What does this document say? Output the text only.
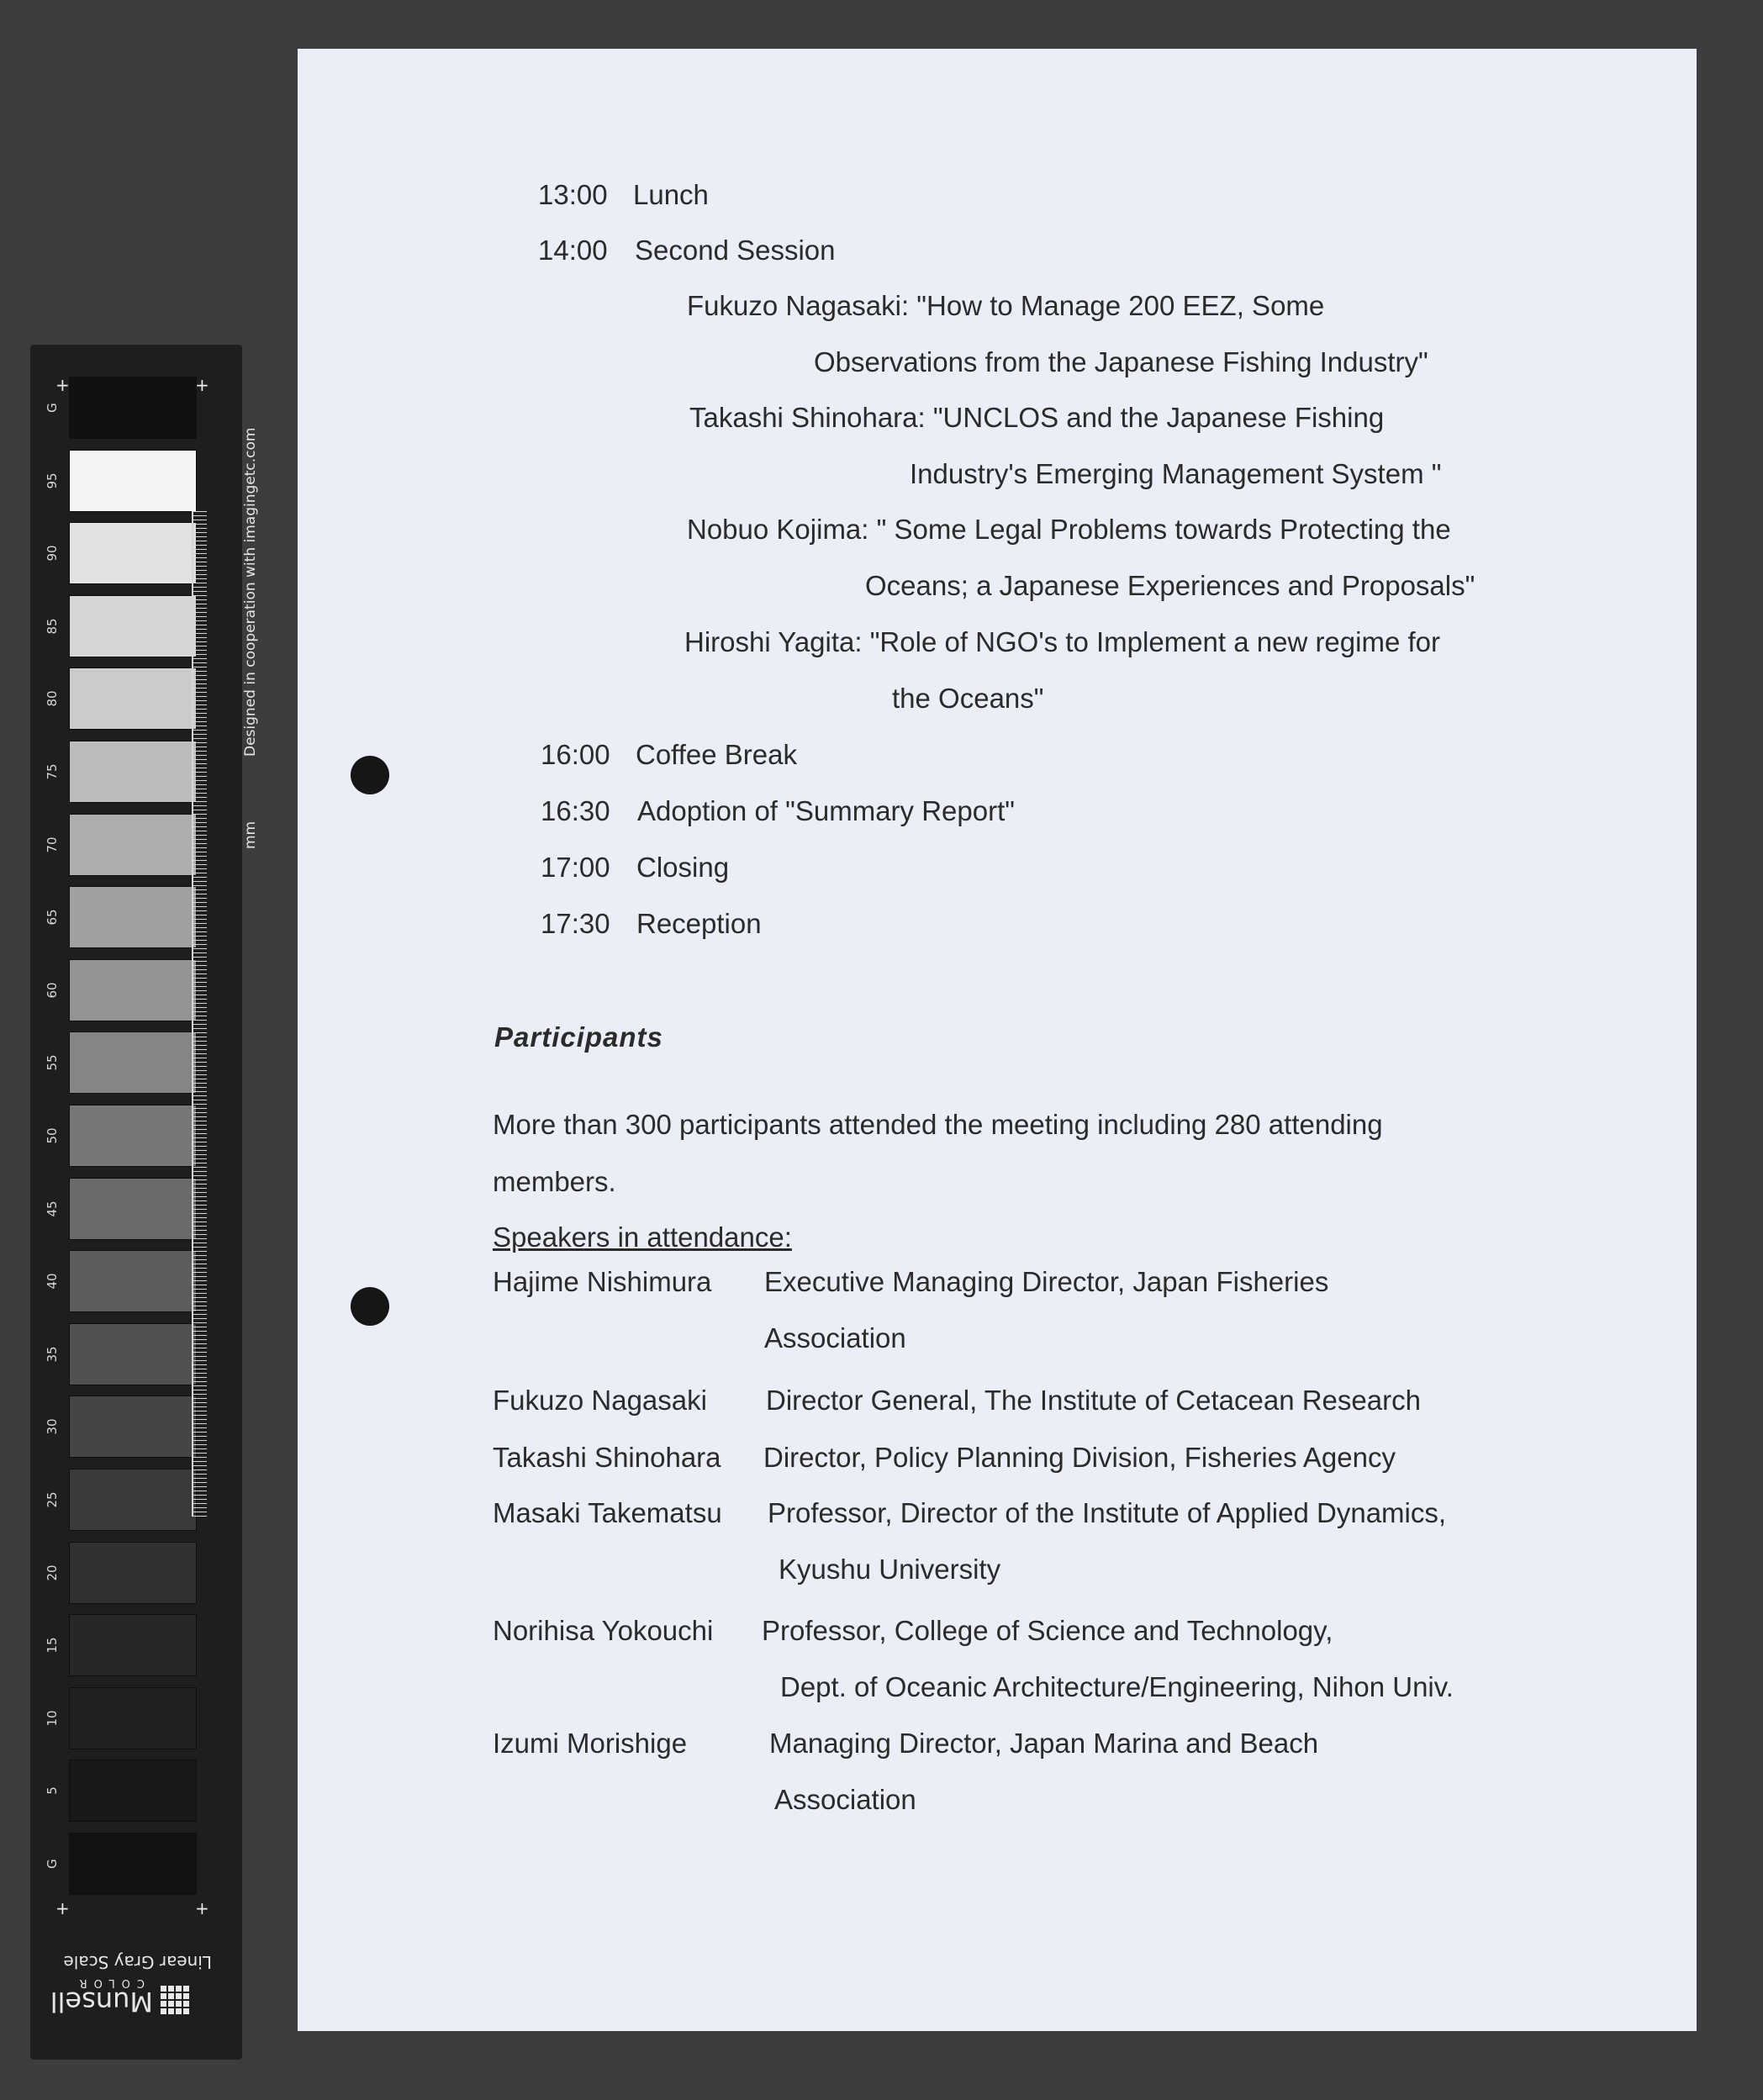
G
95
90
85
80
75
70
65
60
55
50
45
40
35
30
25
20
15
10
5
G
+	+
+	+
Designed in cooperation with imagingetc.com
mm
Linear Gray Scale
Munsell
COLOR
13:00 Lunch
14:00 Second Session
Fukuzo Nagasaki: "How to Manage 200 EEZ, Some
Observations from the Japanese Fishing Industry"
Takashi Shinohara: "UNCLOS and the Japanese Fishing
Industry's Emerging Management System "
Nobuo Kojima: " Some Legal Problems towards Protecting the
Oceans; a Japanese Experiences and Proposals"
Hiroshi Yagita: "Role of NGO's to Implement a new regime for
the Oceans"
16:00 Coffee Break
16:30 Adoption of "Summary Report"
17:00 Closing
17:30 Reception
Participants
More than 300 participants attended the meeting including 280 attending
members.
Speakers in attendance:
Hajime Nishimura Executive Managing Director, Japan Fisheries
Association
Fukuzo Nagasaki Director General, The Institute of Cetacean Research
Takashi Shinohara Director, Policy Planning Division, Fisheries Agency
Masaki Takematsu Professor, Director of the Institute of Applied Dynamics,
Kyushu University
Norihisa Yokouchi Professor, College of Science and Technology,
Dept. of Oceanic Architecture/Engineering, Nihon Univ.
Izumi Morishige	Managing Director, Japan Marina and Beach
Association
